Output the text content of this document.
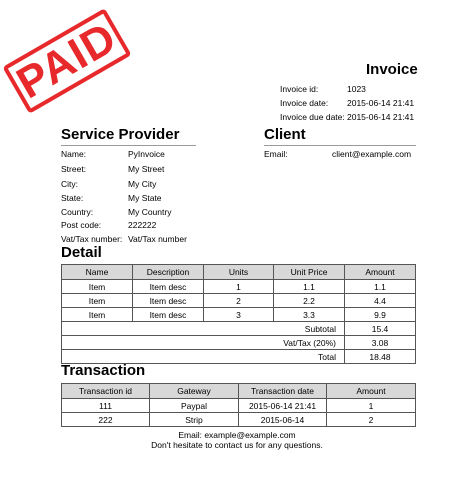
PAID	Invoice
Invoice id:	1023
Invoice date: 2015-06-14 21:41
Invoice due date: 2015-06-14 21:41
Service Provider
Name:	PyInvoice
Street:	My Street
City:	My City
State:	My State
Country:	My Country
Post code:	222222
Vat/Tax number: Vat/Tax number
Client
Email:	client@example.com
Detail
Name	Description	Units	Unit Price	Amount
Item	Item desc	1	1.1	1.1
Item	Item desc	2	2.2	4.4
Item	Item desc	3	3.3	9.9
Subtotal				15.4
Vat/Tax (20%)				3.08
Total				18.48
Transaction
Transaction id	Gateway	Transaction date	Amount
111	Paypal	2015-06-14 21:41	1
222	Strip	2015-06-14	2
Email: example@example.com
Don't hesitate to contact us for any questions.
